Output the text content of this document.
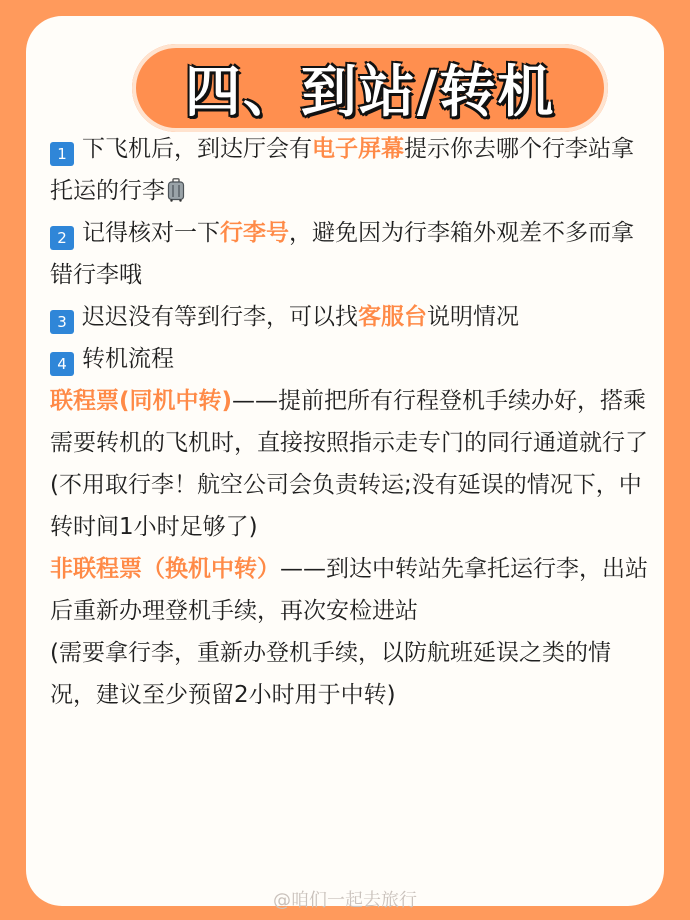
四、到站/转机

1 下飞机后，到达厅会有电子屏幕提示你去哪个行李站拿托运的行李

2 记得核对一下行李号，避免因为行李箱外观差不多而拿错行李哦

3 迟迟没有等到行李，可以找客服台说明情况

4 转机流程

联程票(同机中转)——提前把所有行程登机手续办好，搭乘需要转机的飞机时，直接按照指示走专门的同行通道就行了

(不用取行李！航空公司会负责转运;没有延误的情况下，中转时间1小时足够了)

非联程票（换机中转）——到达中转站先拿托运行李，出站后重新办理登机手续，再次安检进站

(需要拿行李，重新办登机手续，以防航班延误之类的情况，建议至少预留2小时用于中转)

@咱们一起去旅行
